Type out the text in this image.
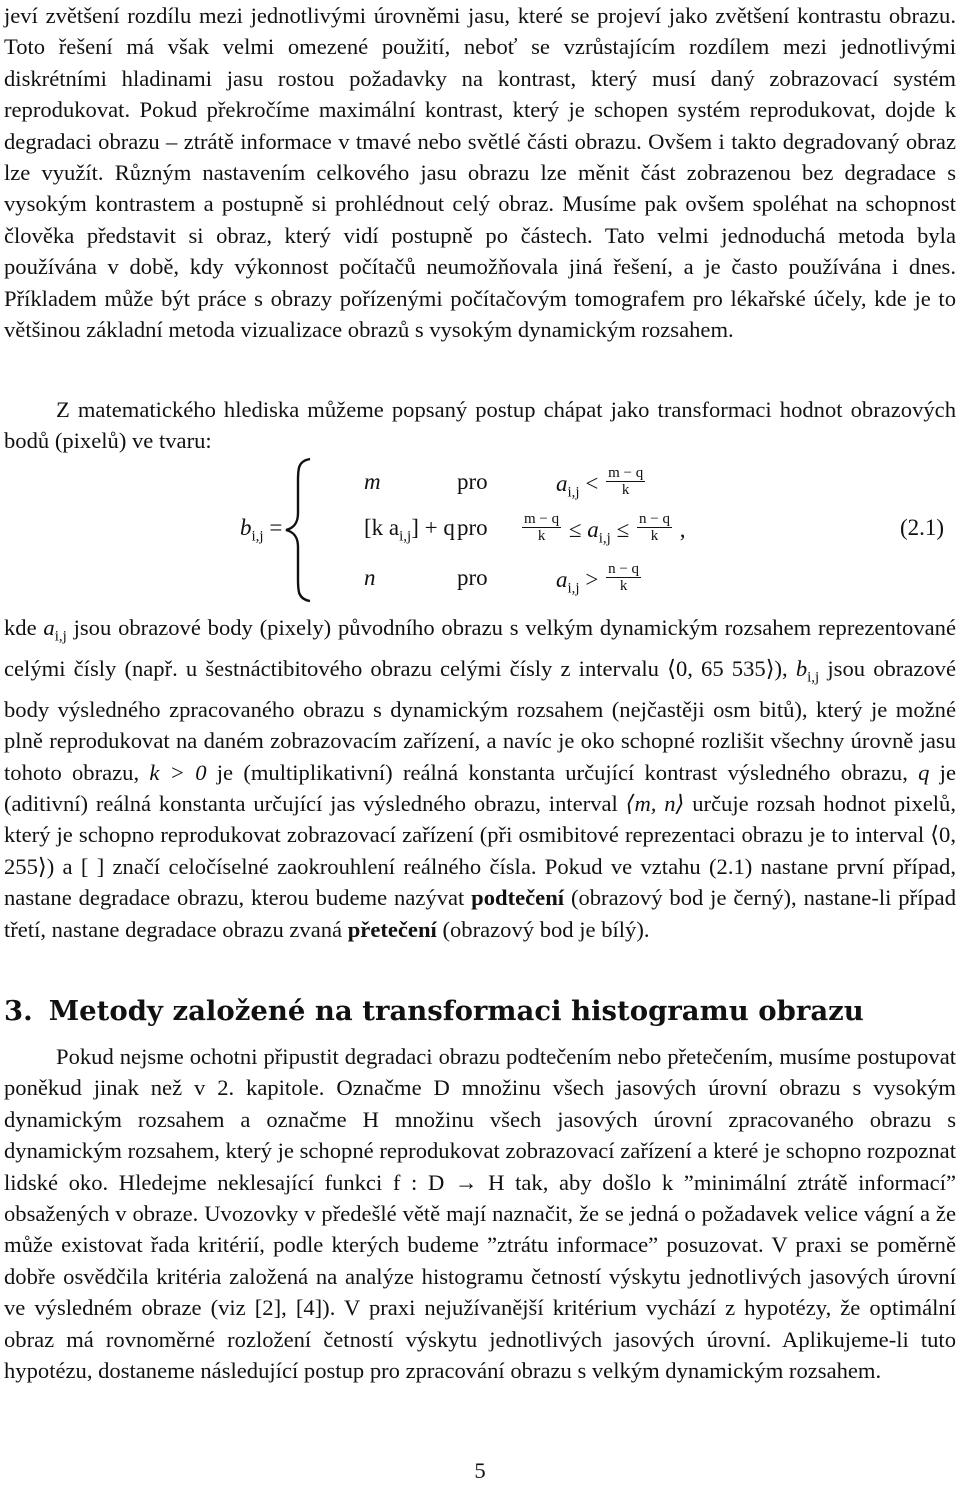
jeví zvětšení rozdílu mezi jednotlivými úrovněmi jasu, které se projeví jako zvětšení kontrastu obrazu. Toto řešení má však velmi omezené použití, neboť se vzrůstajícím rozdílem mezi jednotlivými diskrétními hladinami jasu rostou požadavky na kontrast, který musí daný zobrazovací systém reprodukovat. Pokud překročíme maximální kontrast, který je schopen systém reprodukovat, dojde k degradaci obrazu – ztrátě informace v tmavé nebo světlé části obrazu. Ovšem i takto degradovaný obraz lze využít. Různým nastavením celkového jasu obrazu lze měnit část zobrazenou bez degradace s vysokým kontrastem a postupně si prohlédnout celý obraz. Musíme pak ovšem spoléhat na schopnost člověka představit si obraz, který vidí postupně po částech. Tato velmi jednoduchá metoda byla používána v době, kdy výkonnost počítačů neumožňovala jiná řešení, a je často používána i dnes. Příkladem může být práce s obrazy pořízenými počítačovým tomografem pro lékařské účely, kde je to většinou základní metoda vizualizace obrazů s vysokým dynamickým rozsahem.

Z matematického hlediska můžeme popsaný postup chápat jako transformaci hodnot obrazových bodů (pixelů) ve tvaru:

$b_{i,j}$ =
m	pro	$a_{i,j} < \frac{m - q}{k}$
[k $a_{i,j}] + q$ pro $\frac{m - q}{k} \le a_{i,j} \le \frac{n - q}{k}$ ,
n	pro	$a_{i,j} > \frac{n - q}{k}$
(2.1)

kde $a_{i,j}$ jsou obrazové body (pixely) původního obrazu s velkým dynamickým rozsahem reprezentované celými čísly (např. u šestnáctibitového obrazu celými čísly z intervalu ⟨0, 65 535⟩), $b_{i,j}$ jsou obrazové body výsledného zpracovaného obrazu s dynamickým rozsahem (nejčastěji osm bitů), který je možné plně reprodukovat na daném zobrazovacím zařízení, a navíc je oko schopné rozlišit všechny úrovně jasu tohoto obrazu, k > 0 je (multiplikativní) reálná konstanta určující kontrast výsledného obrazu, q je (aditivní) reálná konstanta určující jas výsledného obrazu, interval ⟨m, n⟩ určuje rozsah hodnot pixelů, který je schopno reprodukovat zobrazovací zařízení (při osmibitové reprezentaci obrazu je to interval ⟨0, 255⟩) a [ ] značí celočíselné zaokrouhlení reálného čísla. Pokud ve vztahu (2.1) nastane první případ, nastane degradace obrazu, kterou budeme nazývat podtečení (obrazový bod je černý), nastane-li případ třetí, nastane degradace obrazu zvaná přetečení (obrazový bod je bílý).

3. Metody založené na transformaci histogramu obrazu

Pokud nejsme ochotni připustit degradaci obrazu podtečením nebo přetečením, musíme postupovat poněkud jinak než v 2. kapitole. Označme D množinu všech jasových úrovní obrazu s vysokým dynamickým rozsahem a označme H množinu všech jasových úrovní zpracovaného obrazu s dynamickým rozsahem, který je schopné reprodukovat zobrazovací zařízení a které je schopno rozpoznat lidské oko. Hledejme neklesající funkci f : D → H tak, aby došlo k ”minimální ztrátě informací” obsažených v obraze. Uvozovky v předešlé větě mají naznačit, že se jedná o požadavek velice vágní a že může existovat řada kritérií, podle kterých budeme ”ztrátu informace” posuzovat. V praxi se poměrně dobře osvědčila kritéria založená na analýze histogramu četností výskytu jednotlivých jasových úrovní ve výsledném obraze (viz [2], [4]). V praxi nejužívanější kritérium vychází z hypotézy, že optimální obraz má rovnoměrné rozložení četností výskytu jednotlivých jasových úrovní. Aplikujeme-li tuto hypotézu, dostaneme následující postup pro zpracování obrazu s velkým dynamickým rozsahem.

5
